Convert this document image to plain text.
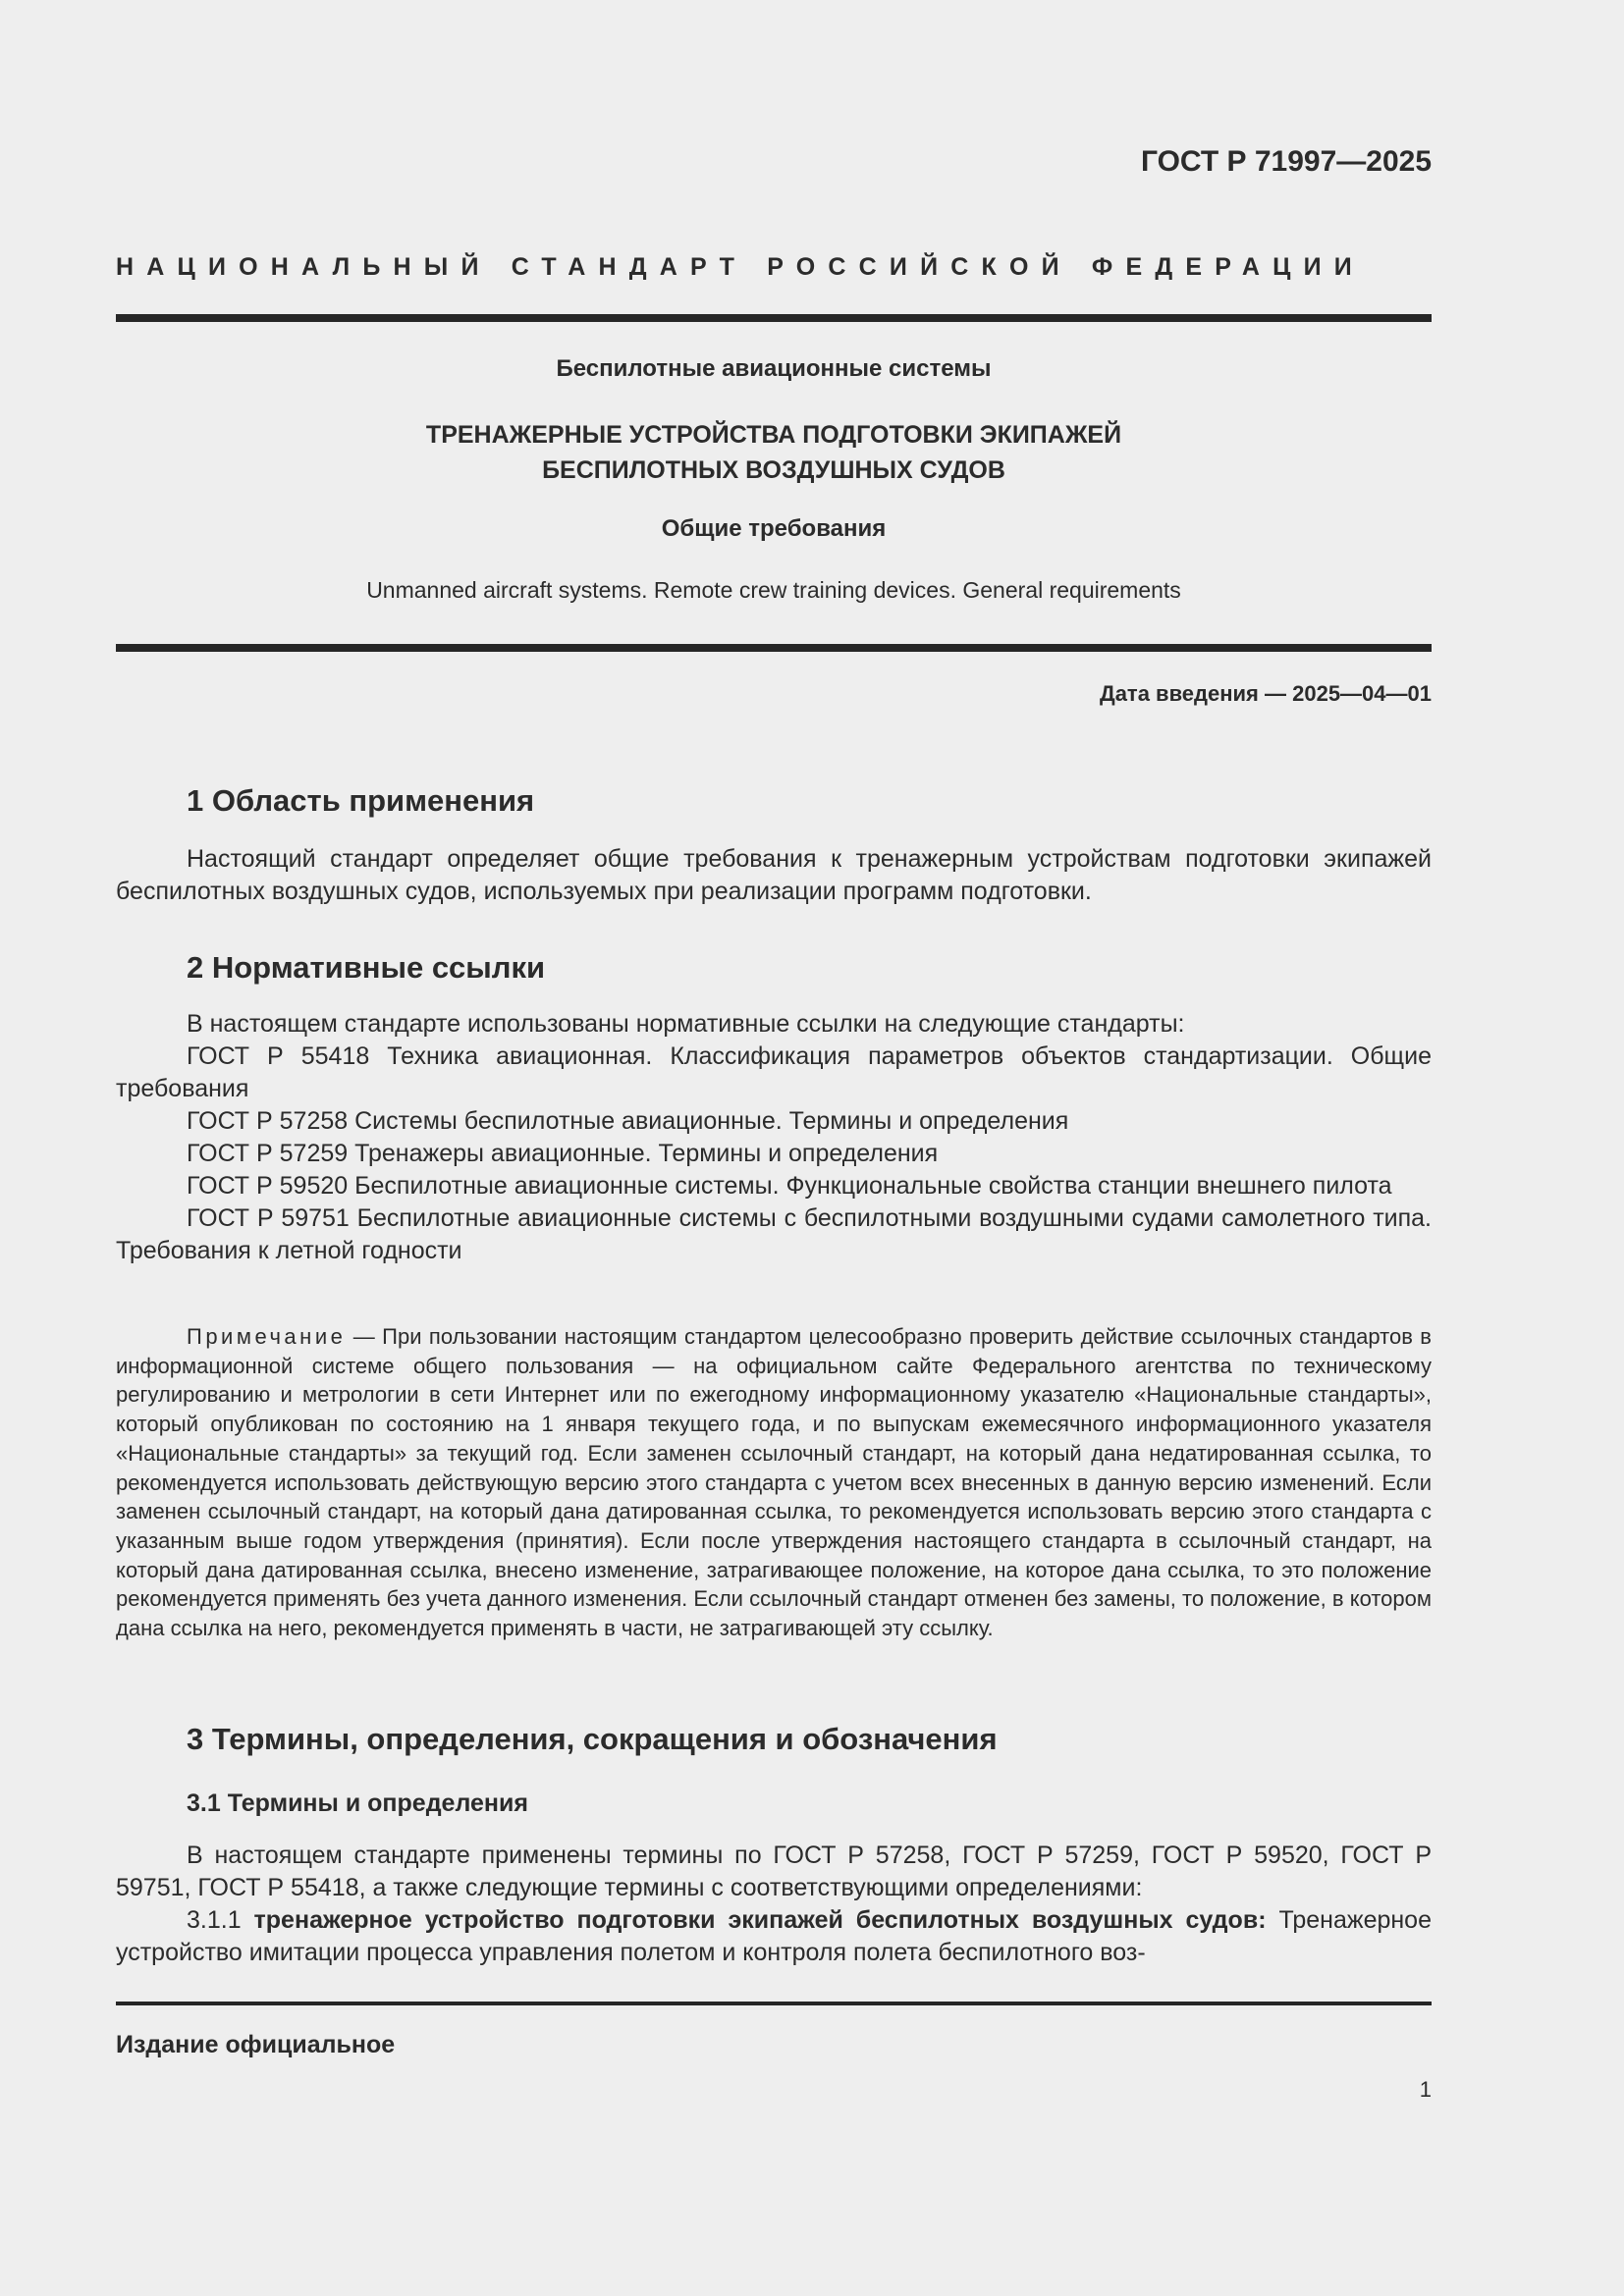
ГОСТ Р 71997—2025

НАЦИОНАЛЬНЫЙ СТАНДАРТ РОССИЙСКОЙ ФЕДЕРАЦИИ

Беспилотные авиационные системы

ТРЕНАЖЕРНЫЕ УСТРОЙСТВА ПОДГОТОВКИ ЭКИПАЖЕЙ
БЕСПИЛОТНЫХ ВОЗДУШНЫХ СУДОВ

Общие требования

Unmanned aircraft systems. Remote crew training devices. General requirements

Дата введения — 2025—04—01

1 Область применения

Настоящий стандарт определяет общие требования к тренажерным устройствам подготовки экипажей беспилотных воздушных судов, используемых при реализации программ подготовки.

2 Нормативные ссылки

В настоящем стандарте использованы нормативные ссылки на следующие стандарты:

ГОСТ Р 55418 Техника авиационная. Классификация параметров объектов стандартизации. Общие требования

ГОСТ Р 57258 Системы беспилотные авиационные. Термины и определения

ГОСТ Р 57259 Тренажеры авиационные. Термины и определения

ГОСТ Р 59520 Беспилотные авиационные системы. Функциональные свойства станции внешнего пилота

ГОСТ Р 59751 Беспилотные авиационные системы с беспилотными воздушными судами самолетного типа. Требования к летной годности

Примечание — При пользовании настоящим стандартом целесообразно проверить действие ссылочных стандартов в информационной системе общего пользования — на официальном сайте Федерального агентства по техническому регулированию и метрологии в сети Интернет или по ежегодному информационному указателю «Национальные стандарты», который опубликован по состоянию на 1 января текущего года, и по выпускам ежемесячного информационного указателя «Национальные стандарты» за текущий год. Если заменен ссылочный стандарт, на который дана недатированная ссылка, то рекомендуется использовать действующую версию этого стандарта с учетом всех внесенных в данную версию изменений. Если заменен ссылочный стандарт, на который дана датированная ссылка, то рекомендуется использовать версию этого стандарта с указанным выше годом утверждения (принятия). Если после утверждения настоящего стандарта в ссылочный стандарт, на который дана датированная ссылка, внесено изменение, затрагивающее положение, на которое дана ссылка, то это положение рекомендуется применять без учета данного изменения. Если ссылочный стандарт отменен без замены, то положение, в котором дана ссылка на него, рекомендуется применять в части, не затрагивающей эту ссылку.

3 Термины, определения, сокращения и обозначения
3.1 Термины и определения

В настоящем стандарте применены термины по ГОСТ Р 57258, ГОСТ Р 57259, ГОСТ Р 59520, ГОСТ Р 59751, ГОСТ Р 55418, а также следующие термины с соответствующими определениями:

3.1.1 тренажерное устройство подготовки экипажей беспилотных воздушных судов: Тренажерное устройство имитации процесса управления полетом и контроля полета беспилотного воз-

Издание официальное

1
